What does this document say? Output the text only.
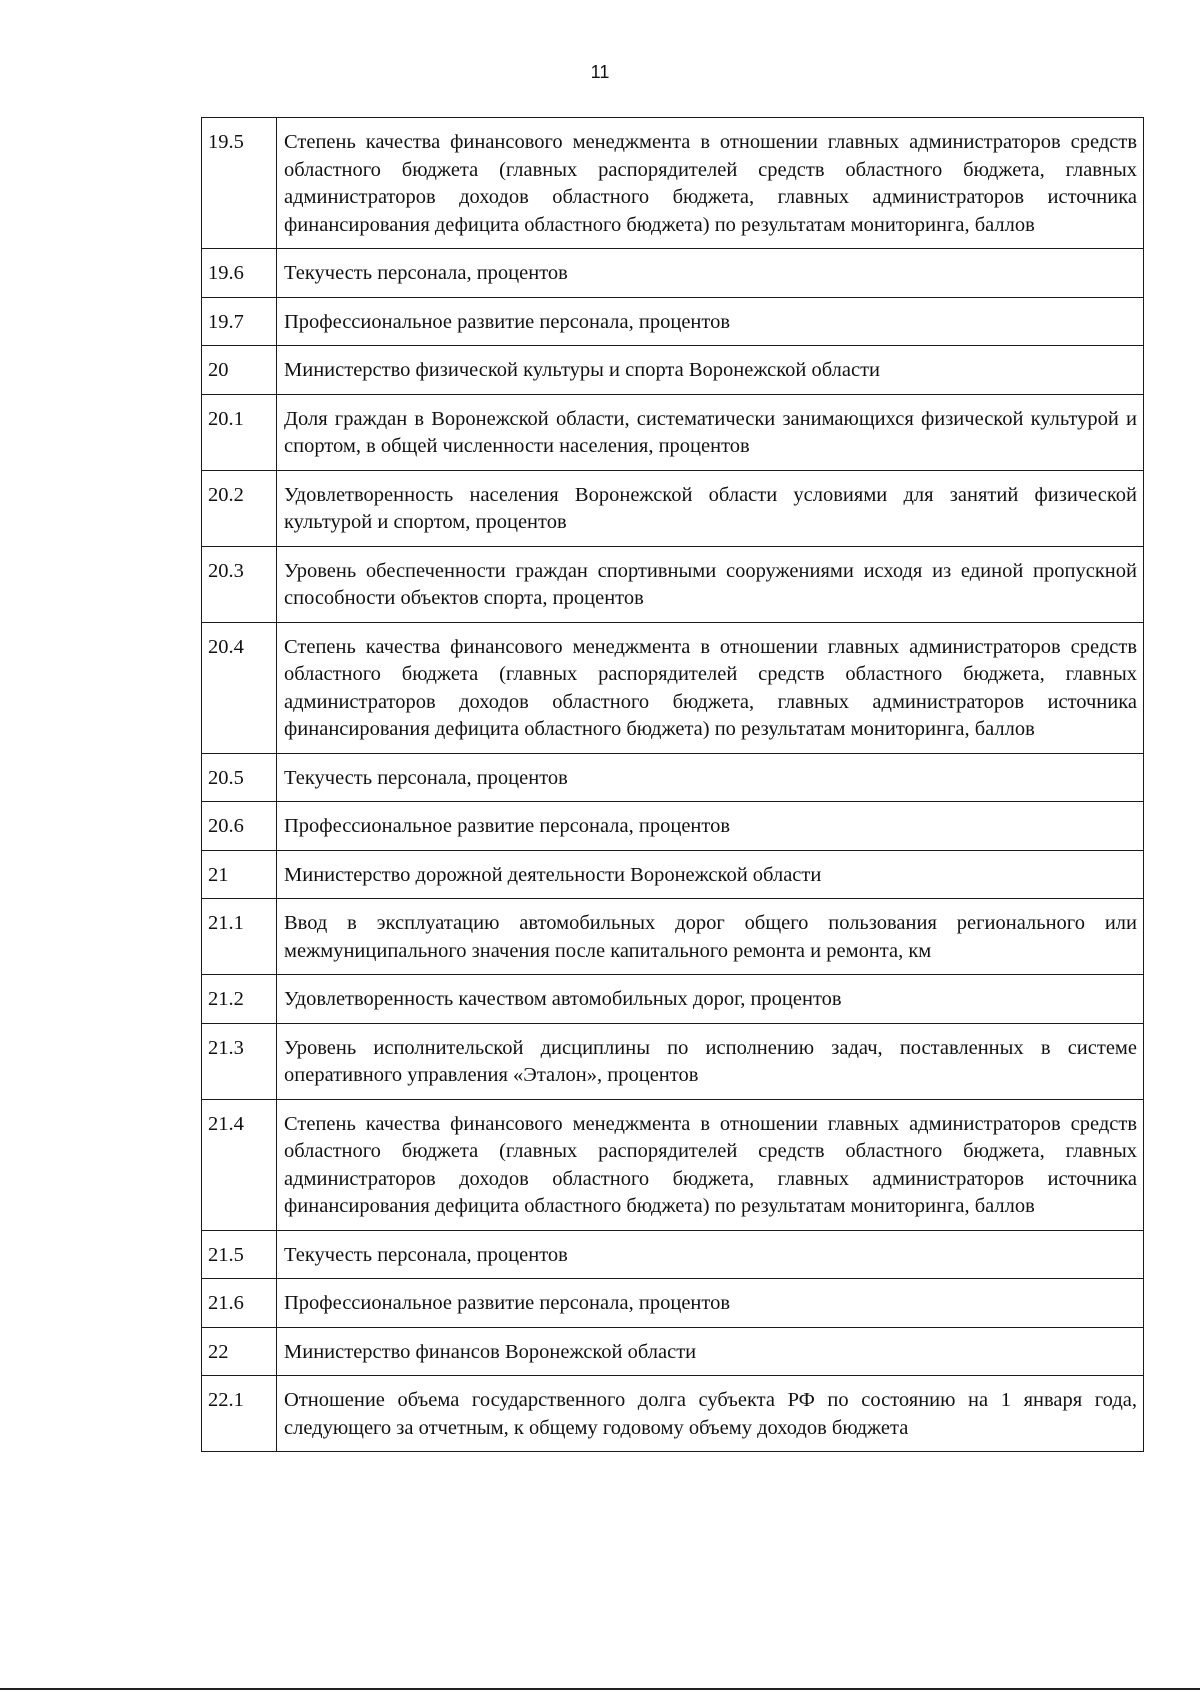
11
19.5	Степень качества финансового менеджмента в отношении главных администраторов средств областного бюджета (главных распорядителей средств областного бюджета, главных администраторов доходов областного бюджета, главных администраторов источника финансирования дефицита областного бюджета) по результатам мониторинга, баллов
19.6	Текучесть персонала, процентов
19.7	Профессиональное развитие персонала, процентов
20	Министерство физической культуры и спорта Воронежской области
20.1	Доля граждан в Воронежской области, систематически занимающихся физической культурой и спортом, в общей численности населения, процентов
20.2	Удовлетворенность населения Воронежской области условиями для занятий физической культурой и спортом, процентов
20.3	Уровень обеспеченности граждан спортивными сооружениями исходя из единой пропускной способности объектов спорта, процентов
20.4	Степень качества финансового менеджмента в отношении главных администраторов средств областного бюджета (главных распорядителей средств областного бюджета, главных администраторов доходов областного бюджета, главных администраторов источника финансирования дефицита областного бюджета) по результатам мониторинга, баллов
20.5	Текучесть персонала, процентов
20.6	Профессиональное развитие персонала, процентов
21	Министерство дорожной деятельности Воронежской области
21.1	Ввод в эксплуатацию автомобильных дорог общего пользования регионального или межмуниципального значения после капитального ремонта и ремонта, км
21.2	Удовлетворенность качеством автомобильных дорог, процентов
21.3	Уровень исполнительской дисциплины по исполнению задач, поставленных в системе оперативного управления «Эталон», процентов
21.4	Степень качества финансового менеджмента в отношении главных администраторов средств областного бюджета (главных распорядителей средств областного бюджета, главных администраторов доходов областного бюджета, главных администраторов источника финансирования дефицита областного бюджета) по результатам мониторинга, баллов
21.5	Текучесть персонала, процентов
21.6	Профессиональное развитие персонала, процентов
22	Министерство финансов Воронежской области
22.1	Отношение объема государственного долга субъекта РФ по состоянию на 1 января года, следующего за отчетным, к общему годовому объему доходов бюджета
